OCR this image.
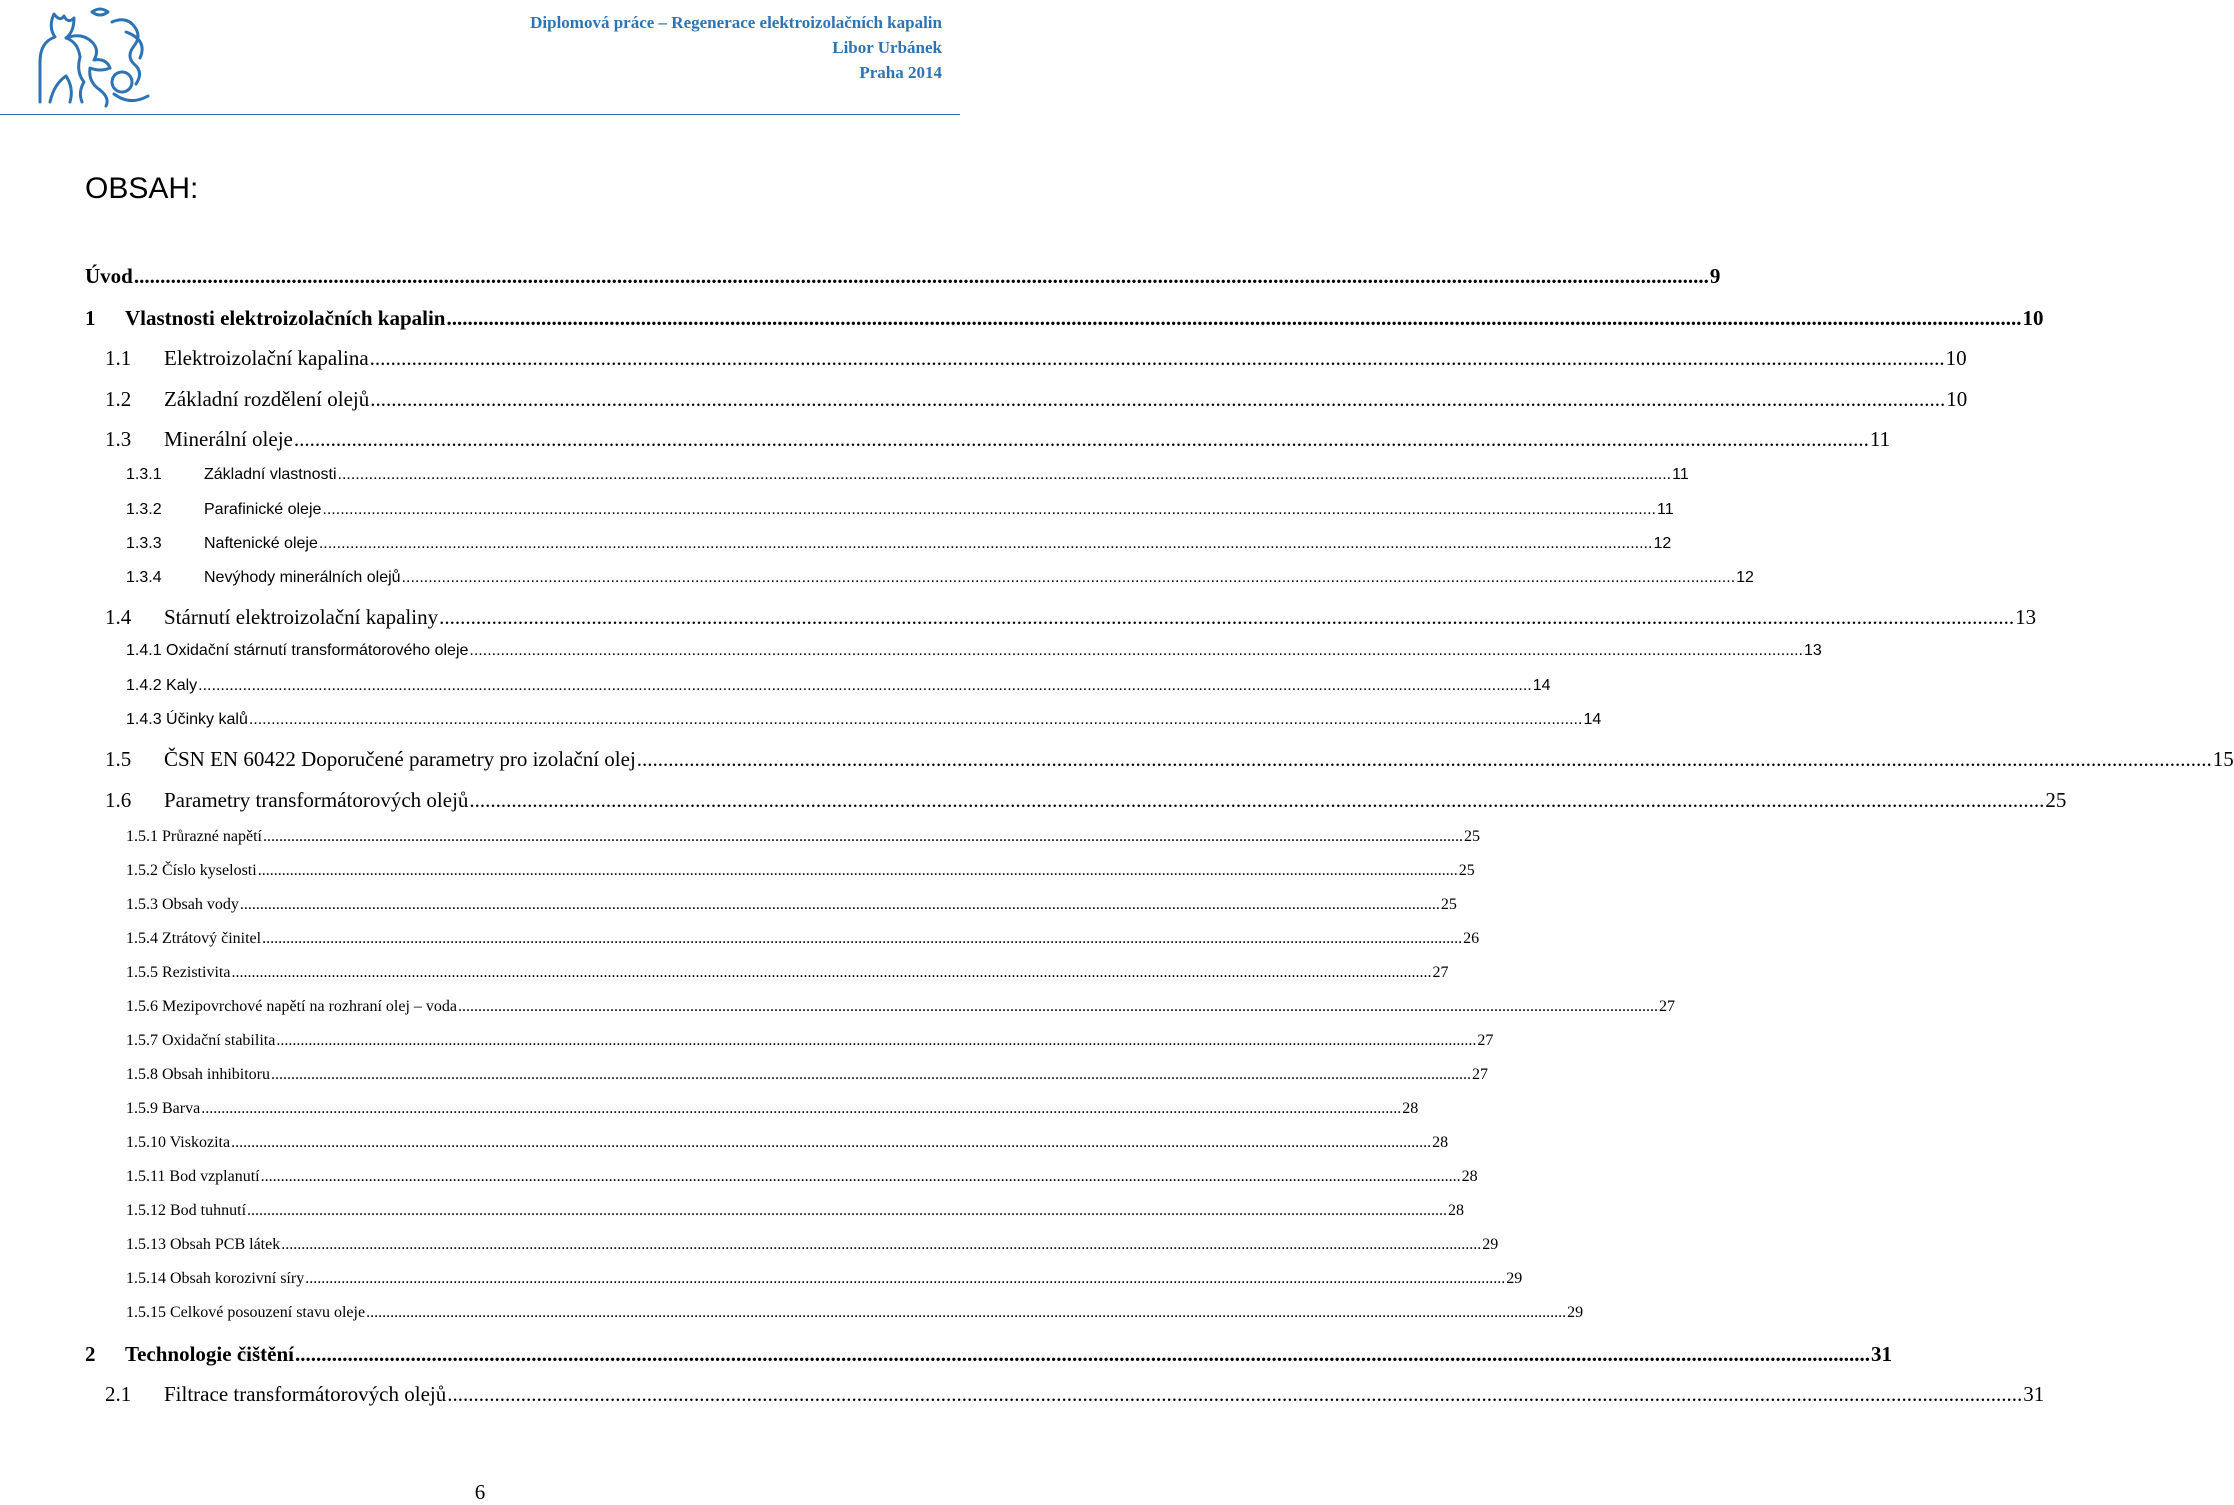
Diplomová práce – Regenerace elektroizolačních kapalin
Libor Urbánek
Praha 2014
OBSAH:
Úvod ............................................................................................................................................................................................................................................................................................................ 9
1 Vlastnosti elektroizolačních kapalin ............................................................................................................................................................................................................................................................................................................ 10
1.1 Elektroizolační kapalina ............................................................................................................................................................................................................................................................................................................ 10
1.2 Základní rozdělení olejů ............................................................................................................................................................................................................................................................................................................ 10
1.3 Minerální oleje ............................................................................................................................................................................................................................................................................................................ 11
1.3.1	Základní vlastnosti ............................................................................................................................................................................................................................................................................................................ 11
1.3.2	Parafinické oleje ............................................................................................................................................................................................................................................................................................................ 11
1.3.3	Naftenické oleje ............................................................................................................................................................................................................................................................................................................ 12
1.3.4	Nevýhody minerálních olejů ............................................................................................................................................................................................................................................................................................................ 12
1.4 Stárnutí elektroizolační kapaliny ............................................................................................................................................................................................................................................................................................................ 13
1.4.1 Oxidační stárnutí transformátorového oleje ............................................................................................................................................................................................................................................................................................................ 13
1.4.2 Kaly ............................................................................................................................................................................................................................................................................................................ 14
1.4.3 Účinky kalů ............................................................................................................................................................................................................................................................................................................ 14
1.5 ČSN EN 60422 Doporučené parametry pro izolační olej ............................................................................................................................................................................................................................................................................................................ 15
1.6 Parametry transformátorových olejů ............................................................................................................................................................................................................................................................................................................ 25
1.5.1 Průrazné napětí ............................................................................................................................................................................................................................................................................................................ 25
1.5.2 Číslo kyselosti ............................................................................................................................................................................................................................................................................................................ 25
1.5.3 Obsah vody ............................................................................................................................................................................................................................................................................................................ 25
1.5.4 Ztrátový činitel ............................................................................................................................................................................................................................................................................................................ 26
1.5.5 Rezistivita ............................................................................................................................................................................................................................................................................................................ 27
1.5.6 Mezipovrchové napětí na rozhraní olej – voda ............................................................................................................................................................................................................................................................................................................ 27
1.5.7 Oxidační stabilita ............................................................................................................................................................................................................................................................................................................ 27
1.5.8 Obsah inhibitoru ............................................................................................................................................................................................................................................................................................................ 27
1.5.9 Barva ............................................................................................................................................................................................................................................................................................................ 28
1.5.10 Viskozita ............................................................................................................................................................................................................................................................................................................ 28
1.5.11 Bod vzplanutí ............................................................................................................................................................................................................................................................................................................ 28
1.5.12 Bod tuhnutí ............................................................................................................................................................................................................................................................................................................ 28
1.5.13 Obsah PCB látek ............................................................................................................................................................................................................................................................................................................ 29
1.5.14 Obsah korozivní síry ............................................................................................................................................................................................................................................................................................................ 29
1.5.15 Celkové posouzení stavu oleje ............................................................................................................................................................................................................................................................................................................ 29
2 Technologie čištění ............................................................................................................................................................................................................................................................................................................ 31
2.1 Filtrace transformátorových olejů ............................................................................................................................................................................................................................................................................................................ 31
6
